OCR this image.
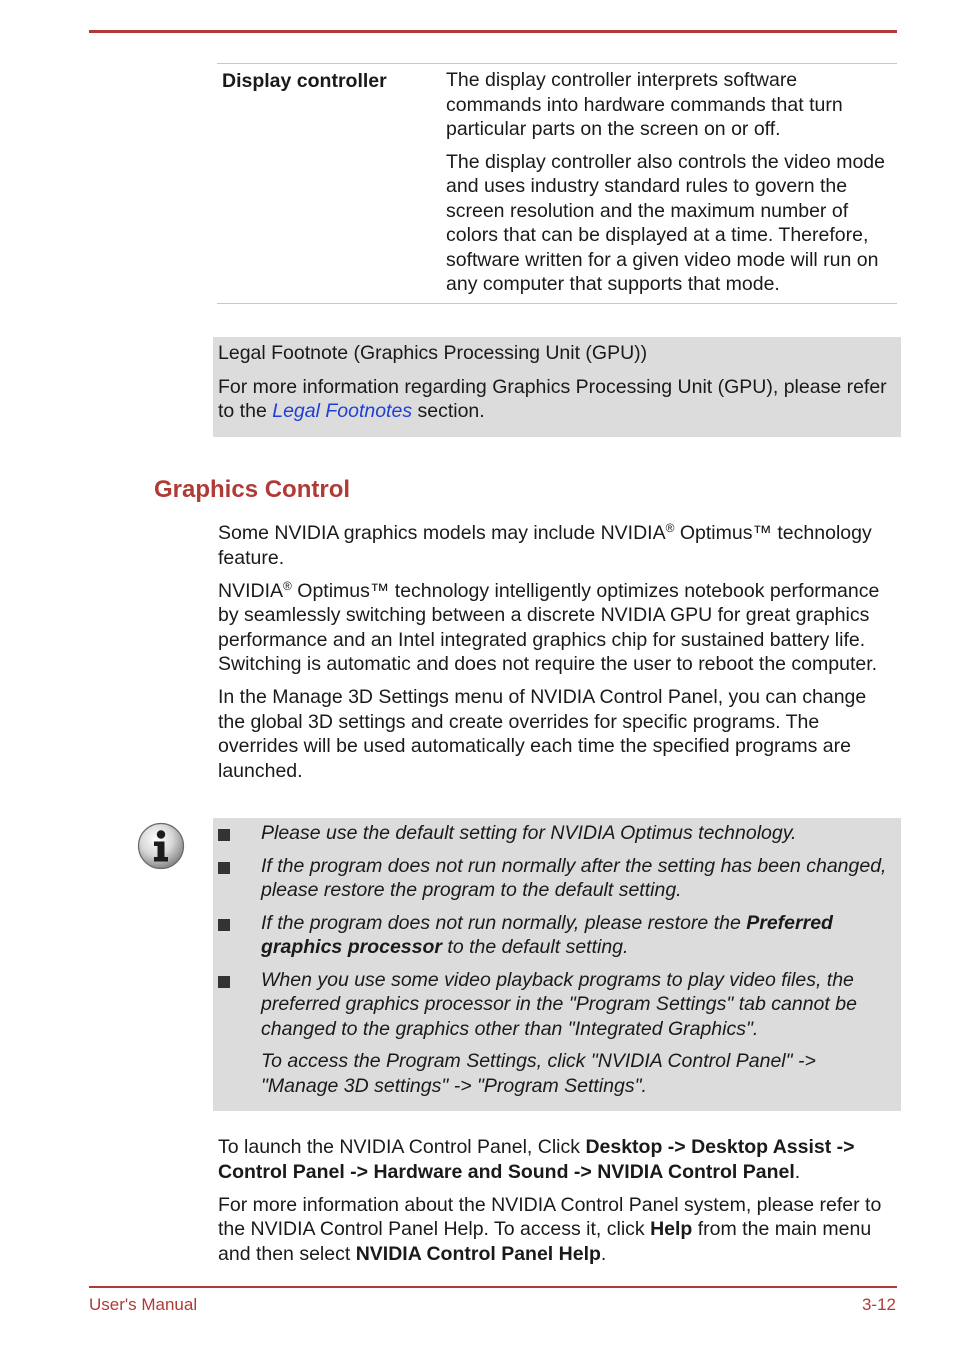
Display controller	The display controller interprets software commands into hardware commands that turn particular parts on the screen on or off.

The display controller also controls the video mode and uses industry standard rules to govern the screen resolution and the maximum number of colors that can be displayed at a time. Therefore, software written for a given video mode will run on any computer that supports that mode.

Legal Footnote (Graphics Processing Unit (GPU))

For more information regarding Graphics Processing Unit (GPU), please refer to the Legal Footnotes section.

Graphics Control

Some NVIDIA graphics models may include NVIDIA® Optimus™ technology feature.

NVIDIA® Optimus™ technology intelligently optimizes notebook performance by seamlessly switching between a discrete NVIDIA GPU for great graphics performance and an Intel integrated graphics chip for sustained battery life. Switching is automatic and does not require the user to reboot the computer.

In the Manage 3D Settings menu of NVIDIA Control Panel, you can change the global 3D settings and create overrides for specific programs. The overrides will be used automatically each time the specified programs are launched.

Please use the default setting for NVIDIA Optimus technology.
If the program does not run normally after the setting has been changed, please restore the program to the default setting.
If the program does not run normally, please restore the Preferred graphics processor to the default setting.
When you use some video playback programs to play video files, the preferred graphics processor in the "Program Settings" tab cannot be changed to the graphics other than "Integrated Graphics".
To access the Program Settings, click "NVIDIA Control Panel" -> "Manage 3D settings" -> "Program Settings".

To launch the NVIDIA Control Panel, Click Desktop -> Desktop Assist -> Control Panel -> Hardware and Sound -> NVIDIA Control Panel.

For more information about the NVIDIA Control Panel system, please refer to the NVIDIA Control Panel Help. To access it, click Help from the main menu and then select NVIDIA Control Panel Help.

User's Manual	3-12
